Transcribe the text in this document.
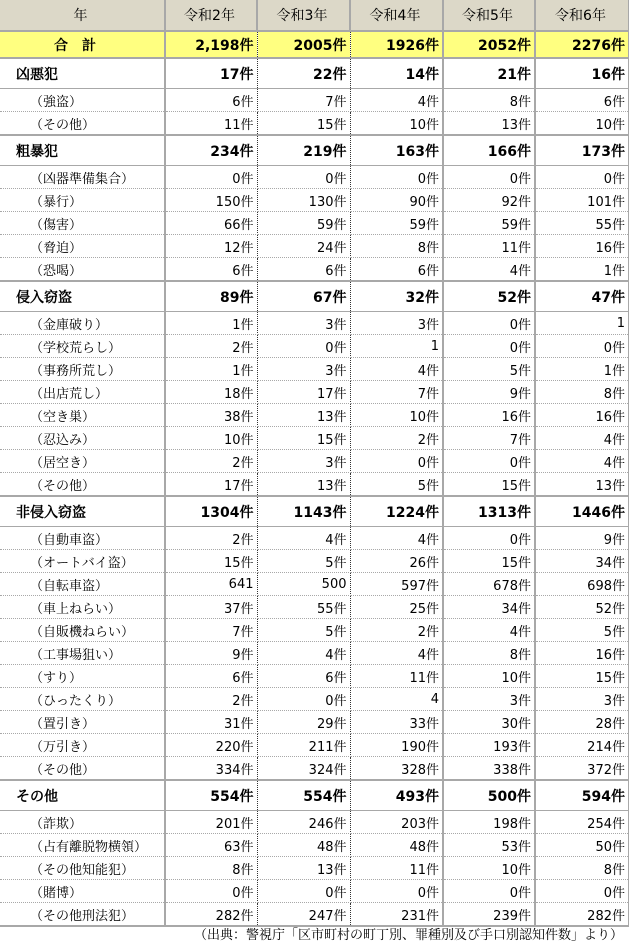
年	令和2年	令和3年	令和4年	令和5年	令和6年
合計	2,198件	2005件	1926件	2052件	2276件
凶悪犯	17件	22件	14件	21件	16件
（強盗）	6件	7件	4件	8件	6件
（その他）	11件	15件	10件	13件	10件
粗暴犯	234件	219件	163件	166件	173件
（凶器準備集合）	0件	0件	0件	0件	0件
（暴行）	150件	130件	90件	92件	101件
（傷害）	66件	59件	59件	59件	55件
（脅迫）	12件	24件	8件	11件	16件
（恐喝）	6件	6件	6件	4件	1件
侵入窃盗	89件	67件	32件	52件	47件
（金庫破り）	1件	3件	3件	0件	1
（学校荒らし）	2件	0件	1	0件	0件
（事務所荒し）	1件	3件	4件	5件	1件
（出店荒し）	18件	17件	7件	9件	8件
（空き巣）	38件	13件	10件	16件	16件
（忍込み）	10件	15件	2件	7件	4件
（居空き）	2件	3件	0件	0件	4件
（その他）	17件	13件	5件	15件	13件
非侵入窃盗	1304件	1143件	1224件	1313件	1446件
（自動車盗）	2件	4件	4件	0件	9件
（オートバイ盗）	15件	5件	26件	15件	34件
（自転車盗）	641	500	597件	678件	698件
（車上ねらい）	37件	55件	25件	34件	52件
（自販機ねらい）	7件	5件	2件	4件	5件
（工事場狙い）	9件	4件	4件	8件	16件
（すり）	6件	6件	11件	10件	15件
（ひったくり）	2件	0件	4	3件	3件
（置引き）	31件	29件	33件	30件	28件
（万引き）	220件	211件	190件	193件	214件
（その他）	334件	324件	328件	338件	372件
その他	554件	554件	493件	500件	594件
（詐欺）	201件	246件	203件	198件	254件
（占有離脱物横領）	63件	48件	48件	53件	50件
（その他知能犯）	8件	13件	11件	10件	8件
（賭博）	0件	0件	0件	0件	0件
（その他刑法犯）	282件	247件	231件	239件	282件
（出典：警視庁「区市町村の町丁別、罪種別及び手口別認知件数」より）
